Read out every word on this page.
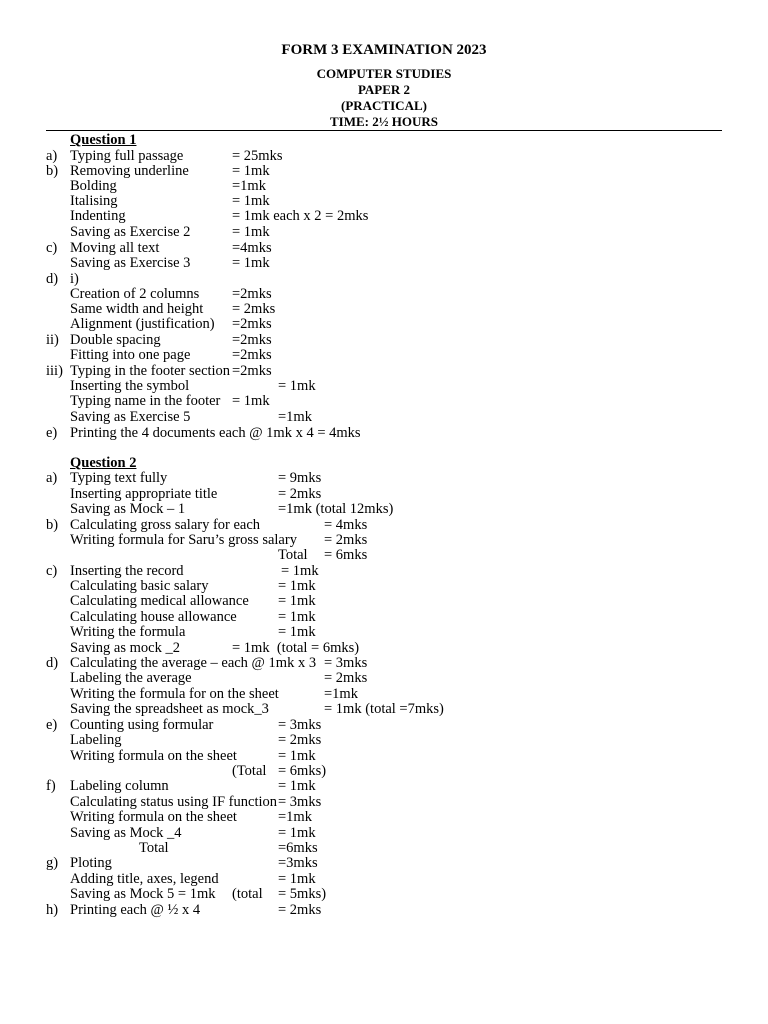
FORM 3 EXAMINATION 2023
COMPUTER STUDIES
PAPER 2
(PRACTICAL)
TIME: 2½ HOURS
Question 1
a) Typing full passage	= 25mks
b) Removing underline	= 1mk
Bolding	=1mk
Italising	= 1mk
Indenting	= 1mk each x 2 = 2mks
Saving as Exercise 2	= 1mk
c) Moving all text	=4mks
Saving as Exercise 3	= 1mk
d) i)
Creation of 2 columns =2mks
Same width and height = 2mks
Alignment (justification) =2mks
ii) Double spacing	=2mks
Fitting into one page	=2mks
iii) Typing in the footer section =2mks
Inserting the symbol	= 1mk
Typing name in the footer = 1mk
Saving as Exercise 5	=1mk
e) Printing the 4 documents each @ 1mk x 4 = 4mks
Question 2
a) Typing text fully	= 9mks
Inserting appropriate title	= 2mks
Saving as Mock – 1	=1mk (total 12mks)
b) Calculating gross salary for each	= 4mks
Writing formula for Saru’s gross salary = 2mks
Total = 6mks
c) Inserting the record	= 1mk
Calculating basic salary	= 1mk
Calculating medical allowance = 1mk
Calculating house allowance	= 1mk
Writing the formula	= 1mk
Saving as mock _2	= 1mk  (total = 6mks)
d) Calculating the average – each @ 1mk x 3 = 3mks
Labeling the average	= 2mks
Writing the formula for on the sheet	=1mk
Saving the spreadsheet as mock_3	= 1mk (total =7mks)
e) Counting using formular	= 3mks
Labeling	= 2mks
Writing formula on the sheet	= 1mk
(Total = 6mks)
f) Labeling column	= 1mk
Calculating status using IF function = 3mks
Writing formula on the sheet	=1mk
Saving as Mock _4	= 1mk
Total	=6mks
g) Ploting	=3mks
Adding title, axes, legend	= 1mk
Saving as Mock 5 = 1mk (total = 5mks)
h) Printing each @ ½ x 4	= 2mks
